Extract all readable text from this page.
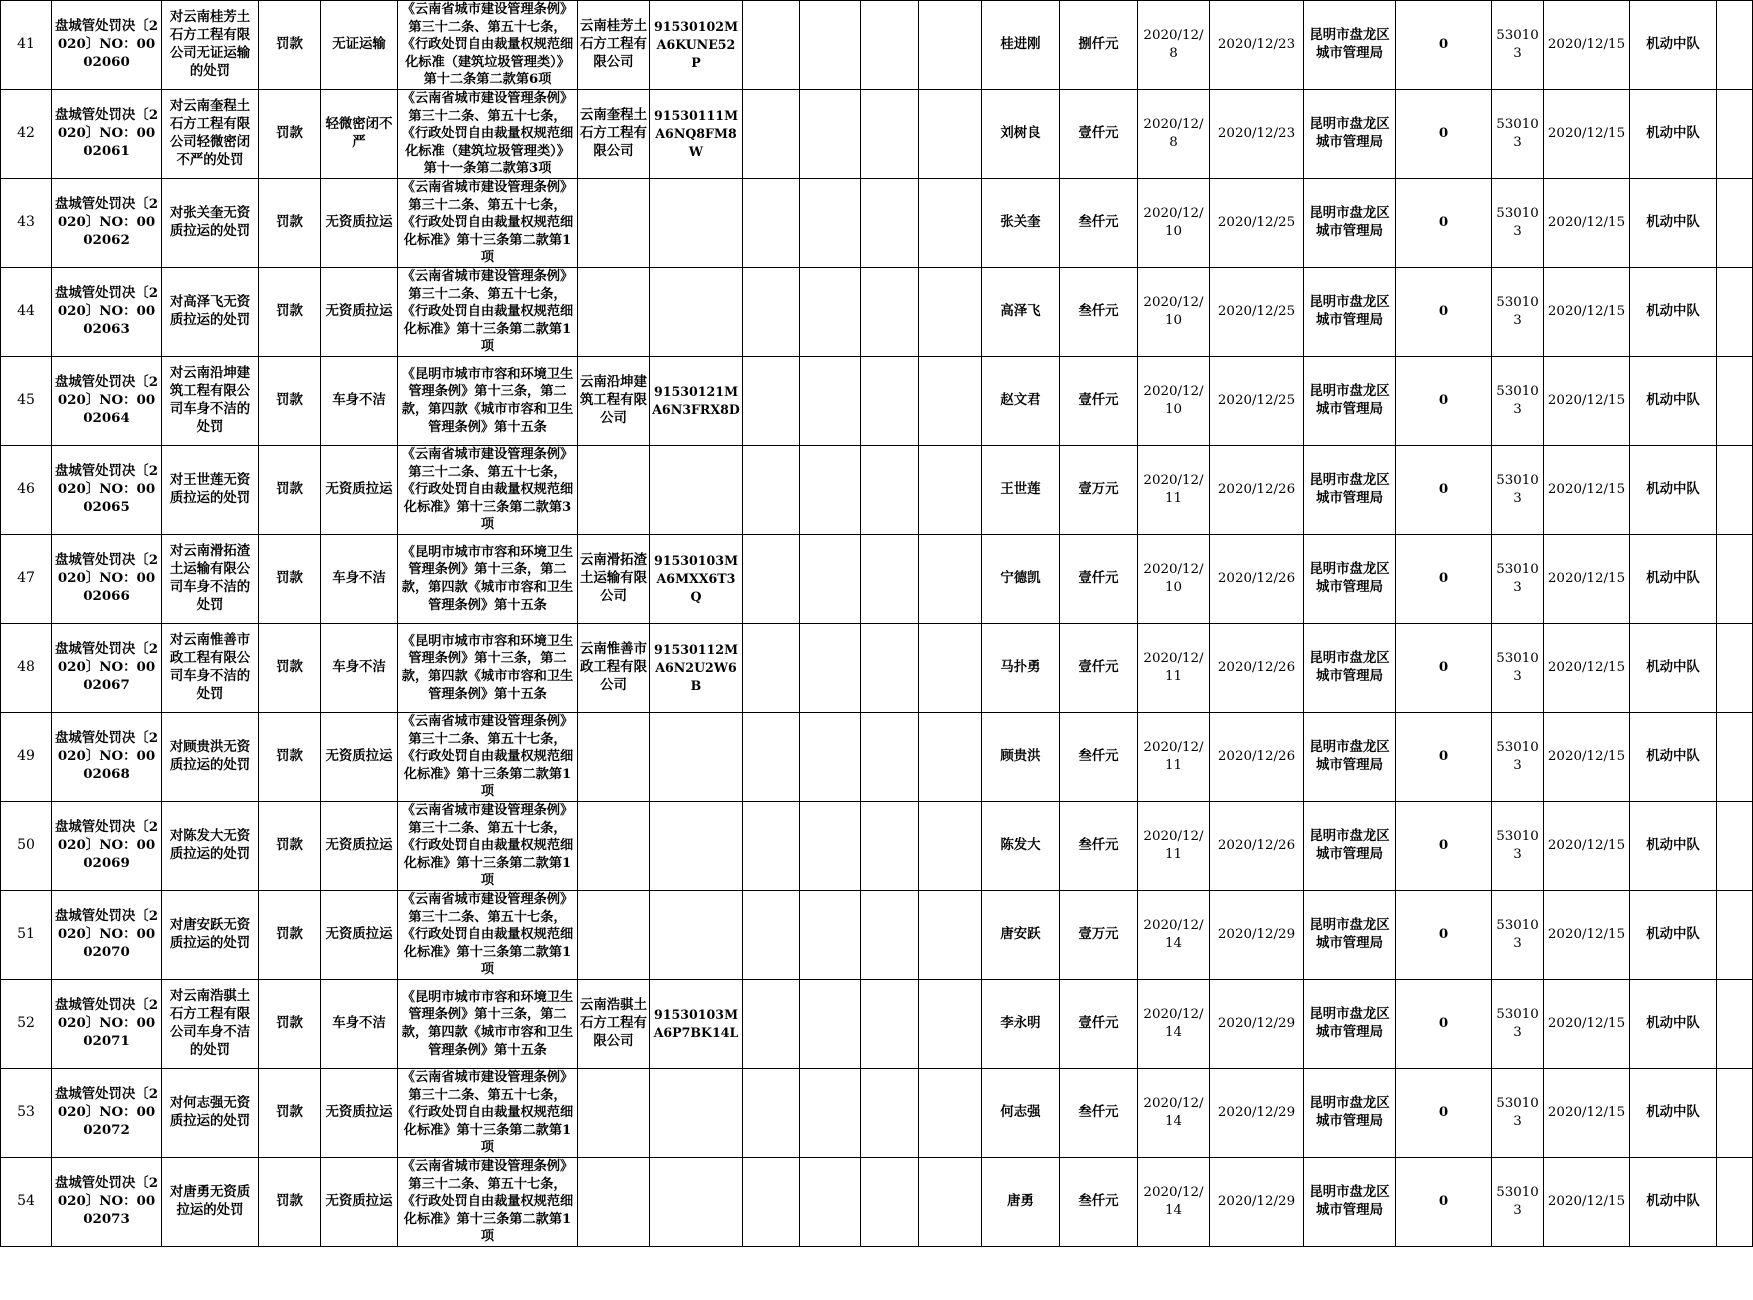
41	盘城管处罚决〔2020〕NO：0002060	对云南桂芳土石方工程有限公司无证运输的处罚	罚款	无证运输	《云南省城市建设管理条例》第三十二条、第五十七条，《行政处罚自由裁量权规范细化标准（建筑垃圾管理类）》第十二条第二款第6项	云南桂芳土石方工程有限公司	91530102MA6KUNE52P					桂进刚	捌仟元	2020/12/8	2020/12/23	昆明市盘龙区城市管理局	0	530103	2020/12/15	机动中队	
42	盘城管处罚决〔2020〕NO：0002061	对云南奎程土石方工程有限公司轻微密闭不严的处罚	罚款	轻微密闭不严	《云南省城市建设管理条例》第三十二条、第五十七条，《行政处罚自由裁量权规范细化标准（建筑垃圾管理类）》第十一条第二款第3项	云南奎程土石方工程有限公司	91530111MA6NQ8FM8W					刘树良	壹仟元	2020/12/8	2020/12/23	昆明市盘龙区城市管理局	0	530103	2020/12/15	机动中队	
43	盘城管处罚决〔2020〕NO：0002062	对张关奎无资质拉运的处罚	罚款	无资质拉运	《云南省城市建设管理条例》第三十二条、第五十七条，《行政处罚自由裁量权规范细化标准》第十三条第二款第1项							张关奎	叁仟元	2020/12/10	2020/12/25	昆明市盘龙区城市管理局	0	530103	2020/12/15	机动中队	
44	盘城管处罚决〔2020〕NO：0002063	对高泽飞无资质拉运的处罚	罚款	无资质拉运	《云南省城市建设管理条例》第三十二条、第五十七条，《行政处罚自由裁量权规范细化标准》第十三条第二款第1项							高泽飞	叁仟元	2020/12/10	2020/12/25	昆明市盘龙区城市管理局	0	530103	2020/12/15	机动中队	
45	盘城管处罚决〔2020〕NO：0002064	对云南沿坤建筑工程有限公司车身不洁的处罚	罚款	车身不洁	《昆明市城市市容和环境卫生管理条例》第十三条，第二款，第四款《城市市容和卫生管理条例》第十五条	云南沿坤建筑工程有限公司	91530121MA6N3FRX8D					赵文君	壹仟元	2020/12/10	2020/12/25	昆明市盘龙区城市管理局	0	530103	2020/12/15	机动中队	
46	盘城管处罚决〔2020〕NO：0002065	对王世莲无资质拉运的处罚	罚款	无资质拉运	《云南省城市建设管理条例》第三十二条、第五十七条，《行政处罚自由裁量权规范细化标准》第十三条第二款第3项							王世莲	壹万元	2020/12/11	2020/12/26	昆明市盘龙区城市管理局	0	530103	2020/12/15	机动中队	
47	盘城管处罚决〔2020〕NO：0002066	对云南滑拓渣土运输有限公司车身不洁的处罚	罚款	车身不洁	《昆明市城市市容和环境卫生管理条例》第十三条，第二款，第四款《城市市容和卫生管理条例》第十五条	云南滑拓渣土运输有限公司	91530103MA6MXX6T3Q					宁德凯	壹仟元	2020/12/10	2020/12/26	昆明市盘龙区城市管理局	0	530103	2020/12/15	机动中队	
48	盘城管处罚决〔2020〕NO：0002067	对云南惟善市政工程有限公司车身不洁的处罚	罚款	车身不洁	《昆明市城市市容和环境卫生管理条例》第十三条，第二款，第四款《城市市容和卫生管理条例》第十五条	云南惟善市政工程有限公司	91530112MA6N2U2W6B					马扑勇	壹仟元	2020/12/11	2020/12/26	昆明市盘龙区城市管理局	0	530103	2020/12/15	机动中队	
49	盘城管处罚决〔2020〕NO：0002068	对顾贵洪无资质拉运的处罚	罚款	无资质拉运	《云南省城市建设管理条例》第三十二条、第五十七条，《行政处罚自由裁量权规范细化标准》第十三条第二款第1项							顾贵洪	叁仟元	2020/12/11	2020/12/26	昆明市盘龙区城市管理局	0	530103	2020/12/15	机动中队	
50	盘城管处罚决〔2020〕NO：0002069	对陈发大无资质拉运的处罚	罚款	无资质拉运	《云南省城市建设管理条例》第三十二条、第五十七条，《行政处罚自由裁量权规范细化标准》第十三条第二款第1项							陈发大	叁仟元	2020/12/11	2020/12/26	昆明市盘龙区城市管理局	0	530103	2020/12/15	机动中队	
51	盘城管处罚决〔2020〕NO：0002070	对唐安跃无资质拉运的处罚	罚款	无资质拉运	《云南省城市建设管理条例》第三十二条、第五十七条，《行政处罚自由裁量权规范细化标准》第十三条第二款第1项							唐安跃	壹万元	2020/12/14	2020/12/29	昆明市盘龙区城市管理局	0	530103	2020/12/15	机动中队	
52	盘城管处罚决〔2020〕NO：0002071	对云南浩骐土石方工程有限公司车身不洁的处罚	罚款	车身不洁	《昆明市城市市容和环境卫生管理条例》第十三条，第二款，第四款《城市市容和卫生管理条例》第十五条	云南浩骐土石方工程有限公司	91530103MA6P7BK14L					李永明	壹仟元	2020/12/14	2020/12/29	昆明市盘龙区城市管理局	0	530103	2020/12/15	机动中队	
53	盘城管处罚决〔2020〕NO：0002072	对何志强无资质拉运的处罚	罚款	无资质拉运	《云南省城市建设管理条例》第三十二条、第五十七条，《行政处罚自由裁量权规范细化标准》第十三条第二款第1项							何志强	叁仟元	2020/12/14	2020/12/29	昆明市盘龙区城市管理局	0	530103	2020/12/15	机动中队	
54	盘城管处罚决〔2020〕NO：0002073	对唐勇无资质拉运的处罚	罚款	无资质拉运	《云南省城市建设管理条例》第三十二条、第五十七条，《行政处罚自由裁量权规范细化标准》第十三条第二款第1项							唐勇	叁仟元	2020/12/14	2020/12/29	昆明市盘龙区城市管理局	0	530103	2020/12/15	机动中队	
